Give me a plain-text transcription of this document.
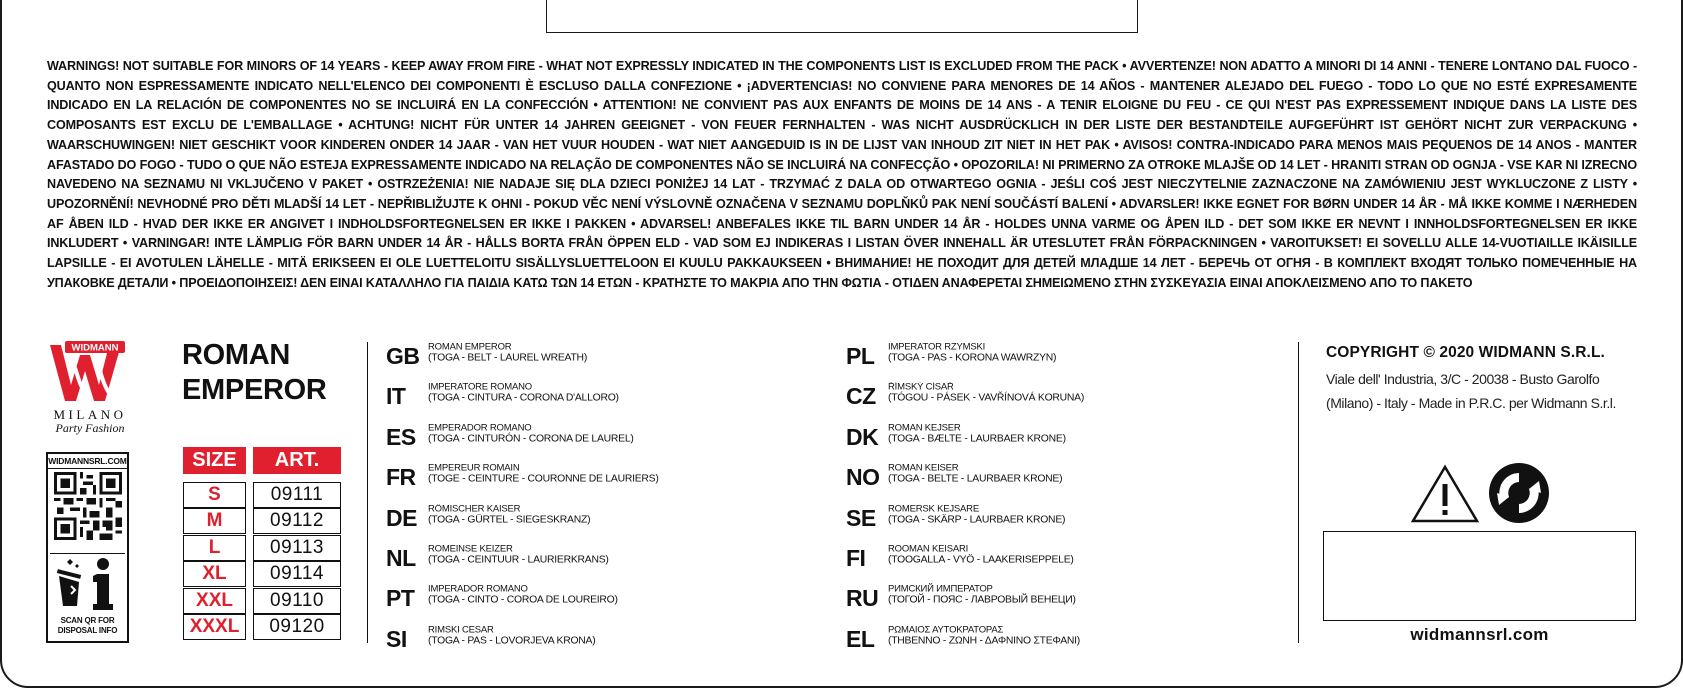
WARNINGS! NOT SUITABLE FOR MINORS OF 14 YEARS - KEEP AWAY FROM FIRE - WHAT NOT EXPRESSLY INDICATED IN THE COMPONENTS LIST IS EXCLUDED FROM THE PACK • AVVERTENZE! NON ADATTO A MINORI DI 14 ANNI - TENERE LONTANO DAL FUOCO - QUANTO NON ESPRESSAMENTE INDICATO NELL'ELENCO DEI COMPONENTI È ESCLUSO DALLA CONFEZIONE • ¡ADVERTENCIAS! NO CONVIENE PARA MENORES DE 14 AÑOS - MANTENER ALEJADO DEL FUEGO - TODO LO QUE NO ESTÉ EXPRESAMENTE INDICADO EN LA RELACIÓN DE COMPONENTES NO SE INCLUIRÁ EN LA CONFECCIÓN • ATTENTION! NE CONVIENT PAS AUX ENFANTS DE MOINS DE 14 ANS - A TENIR ELOIGNE DU FEU - CE QUI N'EST PAS EXPRESSEMENT INDIQUE DANS LA LISTE DES COMPOSANTS EST EXCLU DE L'EMBALLAGE • ACHTUNG! NICHT FÜR UNTER 14 JAHREN GEEIGNET - VON FEUER FERNHALTEN - WAS NICHT AUSDRÜCKLICH IN DER LISTE DER BESTANDTEILE AUFGEFÜHRT IST GEHÖRT NICHT ZUR VERPACKUNG • WAARSCHUWINGEN! NIET GESCHIKT VOOR KINDEREN ONDER 14 JAAR - VAN HET VUUR HOUDEN - WAT NIET AANGEDUID IS IN DE LIJST VAN INHOUD ZIT NIET IN HET PAK • AVISOS! CONTRA-INDICADO PARA MENOS MAIS PEQUENOS DE 14 ANOS - MANTER AFASTADO DO FOGO - TUDO O QUE NÃO ESTEJA EXPRESSAMENTE INDICADO NA RELAÇÃO DE COMPONENTES NÃO SE INCLUIRÁ NA CONFECÇÃO • OPOZORILA! NI PRIMERNO ZA OTROKE MLAJŠE OD 14 LET - HRANITI STRAN OD OGNJA - VSE KAR NI IZRECNO NAVEDENO NA SEZNAMU NI VKLJUČENO V PAKET • OSTRZEŻENIA! NIE NADAJE SIĘ DLA DZIECI PONIŻEJ 14 LAT - TRZYMAĆ Z DALA OD OTWARTEGO OGNIA - JEŚLI COŚ JEST NIECZYTELNIE ZAZNACZONE NA ZAMÓWIENIU JEST WYKLUCZONE Z LISTY • UPOZORNĚNÍ! NEVHODNÉ PRO DĚTI MLADŠÍ 14 LET - NEPŘIBLIŽUJTE K OHNI - POKUD VĚC NENÍ VÝSLOVNĚ OZNAČENA V SEZNAMU DOPLŇKŮ PAK NENÍ SOUČÁSTÍ BALENÍ • ADVARSLER! IKKE EGNET FOR BØRN UNDER 14 ÅR - MÅ IKKE KOMME I NÆRHEDEN AF ÅBEN ILD - HVAD DER IKKE ER ANGIVET I INDHOLDSFORTEGNELSEN ER IKKE I PAKKEN • ADVARSEL! ANBEFALES IKKE TIL BARN UNDER 14 ÅR - HOLDES UNNA VARME OG ÅPEN ILD - DET SOM IKKE ER NEVNT I INNHOLDSFORTEGNELSEN ER IKKE INKLUDERT • VARNINGAR! INTE LÄMPLIG FÖR BARN UNDER 14 ÅR - HÅLLS BORTA FRÅN ÖPPEN ELD - VAD SOM EJ INDIKERAS I LISTAN ÖVER INNEHALL ÄR UTESLUTET FRÅN FÖRPACKNINGEN • VAROITUKSET! EI SOVELLU ALLE 14-VUOTIAILLE IKÄISILLE LAPSILLE - EI AVOTULEN LÄHELLE - MITÄ ERIKSEEN EI OLE LUETTELOITU SISÄLLYSLUETTELOON EI KUULU PAKKAUKSEEN • ВНИМАНИЕ! НЕ ПОХОДИТ ДЛЯ ДЕТЕЙ МЛАДШЕ 14 ЛЕТ - БЕРЕЧЬ ОТ ОГНЯ - В КОМПЛЕКТ ВХОДЯТ ТОЛЬКО ПОМЕЧЕННЫЕ НА УПАКОВКЕ ДЕТАЛИ • ΠΡΟΕΙΔΟΠΟΙΗΣΕΙΣ! ΔΕΝ ΕΙΝΑΙ ΚΑΤΑΛΛΗΛΟ ΓΙΑ ΠΑΙΔΙΑ ΚΑΤΩ ΤΩΝ 14 ΕΤΩΝ - ΚΡΑΤΗΣΤΕ ΤΟ ΜΑΚΡΙΑ ΑΠΟ ΤΗΝ ΦΩΤΙΑ - ΟΤΙΔΕΝ ΑΝΑΦΕΡΕΤΑΙ ΣΗΜΕΙΩΜΕΝΟ ΣΤΗΝ ΣΥΣΚΕΥΑΣΙΑ ΕΙΝΑΙ ΑΠΟΚΛΕΙΣΜΕΝΟ ΑΠΟ ΤΟ ΠΑΚΕΤΟ
WIDMANN
MILANO
Party Fashion
WIDMANNSRL.COM
SCAN QR FOR DISPOSAL INFO
ROMAN
EMPEROR
SIZE	ART.
S	09111
M	09112
L	09113
XL	09114
XXL	09110
XXXL	09120
GB ROMAN EMPEROR
(TOGA - BELT - LAUREL WREATH)
IT	IMPERATORE ROMANO
(TOGA - CINTURA - CORONA D'ALLORO)
ES	EMPERADOR ROMANO
(TOGA - CINTURÓN - CORONA DE LAUREL)
FR	EMPEREUR ROMAIN
(TOGE - CEINTURE - COURONNE DE LAURIERS)
DE	RÖMISCHER KAISER
(TOGA - GÜRTEL - SIEGESKRANZ)
NL	ROMEINSE KEIZER
(TOGA - CEINTUUR - LAURIERKRANS)
PT	IMPERADOR ROMANO
(TOGA - CINTO - COROA DE LOUREIRO)
SI	RIMSKI CESAR
(TOGA - PAS - LOVORJEVA KRONA)
PL	IMPERATOR RZYMSKI
(TOGA - PAS - KORONA WAWRZYN)
CZ	ŘÍMSKÝ CÍSAŘ
(TÓGOU - PÁSEK - VAVŘÍNOVÁ KORUNA)
DK	ROMAN KEJSER
(TOGA - BÆLTE - LAURBAER KRONE)
NO ROMAN KEISER
(TOGA - BELTE - LAURBAER KRONE)
SE	ROMERSK KEJSARE
(TOGA - SKÄRP - LAURBAER KRONE)
FI	ROOMAN KEISARI
(TOOGALLA - VYÖ - LAAKERISEPPELE)
RU	РИМСКИЙ ИМПЕРАТОР
(ТОГОЙ - ПОЯС - ЛАВРОВЫЙ ВЕНЕЦИ)
EL	ΡΩΜΑΙΟΣ ΑΥΤΟΚΡΑΤΟΡΑΣ
(ΤΗΒΕΝΝΟ - ΖΩΝΗ - ΔΑΦΝΙΝΟ ΣΤΕΦΑΝΙ)
COPYRIGHT © 2020 WIDMANN S.R.L.
Viale dell' Industria, 3/C - 20038 - Busto Garolfo
(Milano) - Italy - Made in P.R.C. per Widmann S.r.l.
widmannsrl.com
